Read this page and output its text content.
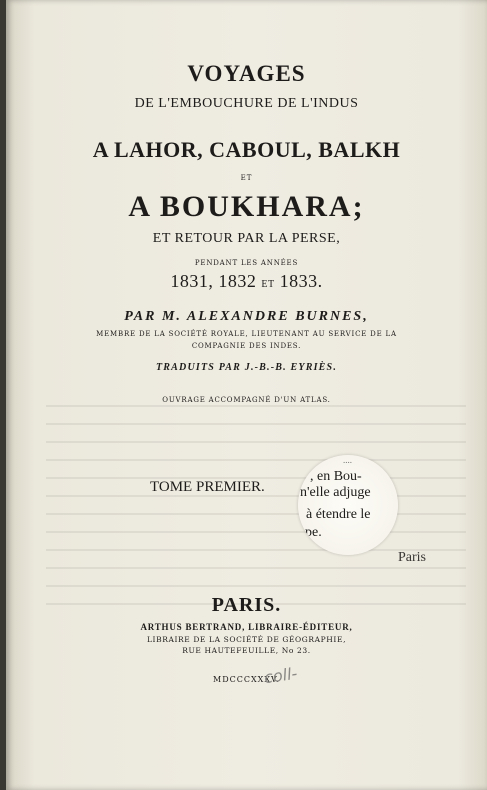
VOYAGES
DE L'EMBOUCHURE DE L'INDUS
A LAHOR, CABOUL, BALKH
ET
A BOUKHARA;
ET RETOUR PAR LA PERSE,
PENDANT LES ANNÉES
1831, 1832 ET 1833.
PAR M. ALEXANDRE BURNES,
MEMBRE DE LA SOCIÉTÉ ROYALE, LIEUTENANT AU SERVICE DE LA
COMPAGNIE DES INDES.
TRADUITS PAR J.-B.-B. EYRIÈS.
OUVRAGE ACCOMPAGNÉ D'UN ATLAS.
TOME PREMIER.
....
, en Bou-
n'elle adjuge
à étendre le
upe.
Paris
PARIS.
ARTHUS BERTRAND, LIBRAIRE-ÉDITEUR,
LIBRAIRE DE LA SOCIÉTÉ DE GÉOGRAPHIE,
RUE HAUTEFEUILLE, No 23.
MDCCCXXXV.
coll-
